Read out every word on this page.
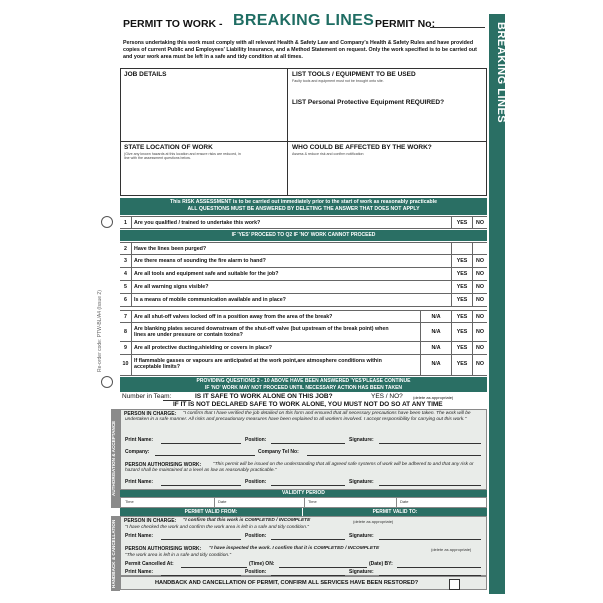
Re-order code: PTW-BL/A4 (Issue 2)
PERMIT TO WORK - BREAKING LINES PERMIT No:	BREAKING LINES
Persons undertaking this work must comply with all relevant Health & Safety Law and Company's Health & Safety Rules and have provided copies of current Public and Employees' Liability Insurance, and a Method Statement on request. Only the work specified is to be carried out and your work area must be left in a safe and tidy condition at all times.
JOB DETAILS	LIST TOOLS / EQUIPMENT TO BE USED
Faulty tools and equipment must not be brought onto site.
LIST Personal Protective Equipment REQUIRED?
STATE LOCATION OF WORK
(Give any known hazards at this location and ensure risks are reduced, in line with the assessment questions below.
WHO COULD BE AFFECTED BY THE WORK?
Assess & reduce risk and confirm notification
This RISK ASSESSMENT is to be carried out immediately prior to the start of work as reasonably practicable
ALL QUESTIONS MUST BE ANSWERED BY DELETING THE ANSWER THAT DOES NOT APPLY
1	Are you qualified / trained to undertake this work?	YES	NO
IF 'YES' PROCEED TO Q2 IF 'NO' WORK CANNOT PROCEED
2	Have the lines been purged?
3	Are there means of sounding the fire alarm to hand?	YES	NO
4	Are all tools and equipment safe and suitable for the job?	YES	NO
5	Are all warning signs visible?	YES	NO
6	Is a means of mobile communication available and in place?	YES	NO
7	Are all shut-off valves locked off in a position away from the area of the break?	N/A	YES	NO
8	Are blanking plates secured downstream of the shut-off valve (but upstream of the break point) when lines are under pressure or contain toxins?	N/A	YES	NO
9	Are all protective ducting,shielding or covers in place?	N/A	YES	NO
10	If flammable gasses or vapours are anticipated at the work point,are atmosphere conditions within acceptable limits?	N/A	YES	NO
PROVIDING QUESTIONS 2 - 10 ABOVE HAVE BEEN ANSWERED 'YES'PLEASE CONTINUE
IF 'NO' WORK MAY NOT PROCEED UNTIL NECESSARY ACTION HAS BEEN TAKEN
Number in Team:	IS IT SAFE TO WORK ALONE ON THIS JOB?	YES / NO?	(delete as appropriate)
IF IT IS NOT DECLARED SAFE TO WORK ALONE, YOU MUST NOT DO SO AT ANY TIME
AUTHORISATION & ACCEPTANCE
PERSON IN CHARGE:	"I confirm that I have verified the job detailed on this form and ensured that all necessary precautions have been taken. The work will be undertaken in a safe manner. All risks and precautionary measures have been explained to all workers involved. I accept responsibility for carrying out this work."
Print Name:	Position:	Signature:
Company:	Company Tel No:
PERSON AUTHORISING WORK:	"This permit will be issued on the understanding that all agreed safe systems of work will be adhered to and that any risk or hazard shall be maintained at a level as low as reasonably practicable."
Print Name:	Position:	Signature:
VALIDITY PERIOD
Time	Date	Time	Date
PERMIT VALID FROM:	PERMIT VALID TO:
HANDBACK & CANCELLATION	PERSON IN CHARGE: "I confirm that this work is COMPLETED / INCOMPLETE	(delete as appropriate)
"I have checked the work and confirm the work area is left in a safe and tidy condition."
Print Name:	Position:	Signature:
PERSON AUTHORISING WORK: "I have inspected the work. I confirm that it is COMPLETED / INCOMPLETE	(delete as appropriate)
"The work area is left in a safe and tidy condition."
Permit Cancelled At:	(Time) ON:	(Date) BY:
Print Name:	Position:	Signature:
HANDBACK AND CANCELLATION OF PERMIT, CONFIRM ALL SERVICES HAVE BEEN RESTORED?
